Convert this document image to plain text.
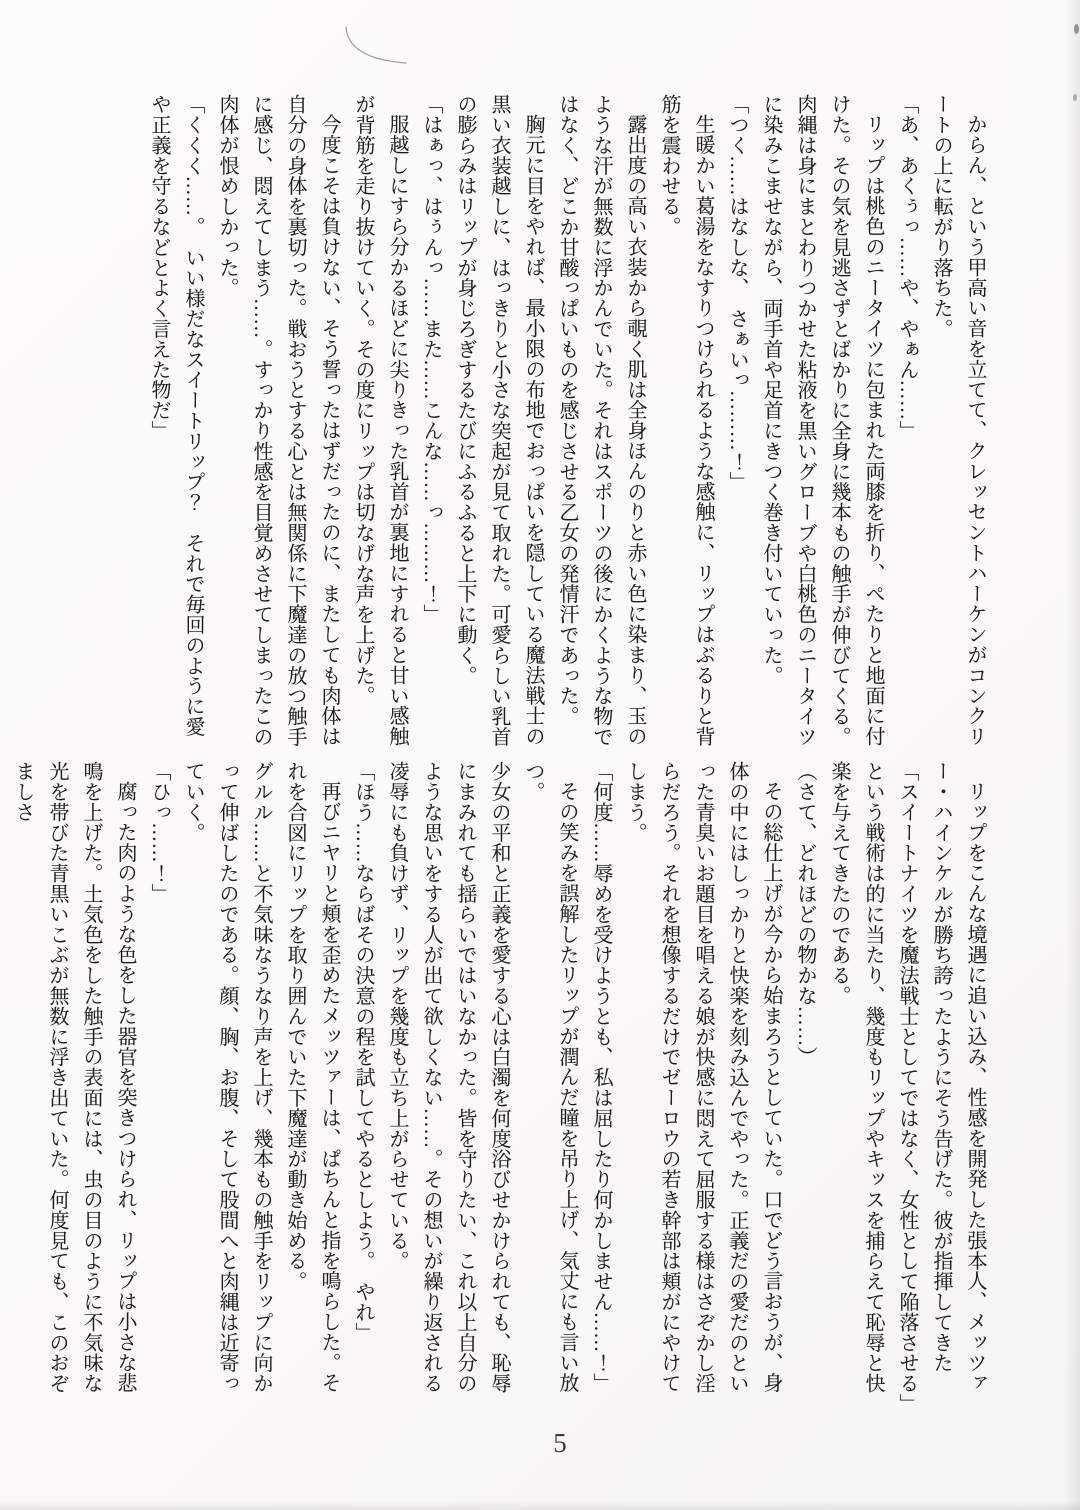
からん、という甲高い音を立てて、クレッセントハーケンがコンクリートの上に転がり落ちた。

「あ、あくぅっ……や、やぁん……」

リップは桃色のニータイツに包まれた両膝を折り、ぺたりと地面に付けた。その気を見逃さずとばかりに全身に幾本もの触手が伸びてくる。

肉縄は身にまとわりつかせた粘液を黒いグローブや白桃色のニータイツに染みこませながら、両手首や足首にきつく巻き付いていった。

「つく……はなしな、　さぁいっ………！」

生暖かい葛湯をなすりつけられるような感触に、リップはぶるりと背筋を震わせる。

露出度の高い衣装から覗く肌は全身ほんのりと赤い色に染まり、玉のような汗が無数に浮かんでいた。それはスポーツの後にかくような物ではなく、どこか甘酸っぱいものを感じさせる乙女の発情汗であった。

胸元に目をやれば、最小限の布地でおっぱいを隠している魔法戦士の黒い衣装越しに、はっきりと小さな突起が見て取れた。可愛らしい乳首の膨らみはリップが身じろぎするたびにふるふると上下に動く。

「はぁっ、はぅんっ……また……こんな……っ………！」

服越しにすら分かるほどに尖りきった乳首が裏地にすれると甘い感触が背筋を走り抜けていく。その度にリップは切なげな声を上げた。

今度こそは負けない、そう誓ったはずだったのに、またしても肉体は自分の身体を裏切った。戦おうとする心とは無関係に下魔達の放つ触手に感じ、悶えてしまう……。すっかり性感を目覚めさせてしまったこの肉体が恨めしかった。

「くくく……。　いい様だなスイートリップ？　それで毎回のように愛や正義を守るなどとよく言えた物だ」

リップをこんな境遇に追い込み、性感を開発した張本人、メッツァー・ハインケルが勝ち誇ったようにそう告げた。彼が指揮してきた「スイートナイツを魔法戦士としてではなく、女性として陥落させる」という戦術は的に当たり、幾度もリップやキッスを捕らえて恥辱と快楽を与えてきたのである。

（さて、どれほどの物かな……）

その総仕上げが今から始まろうとしていた。口でどう言おうが、身体の中にはしっかりと快楽を刻み込んでやった。正義だの愛だのといった青臭いお題目を唱える娘が快感に悶えて屈服する様はさぞかし淫らだろう。それを想像するだけでゼーロウの若き幹部は頬がにやけてしまう。

「何度……辱めを受けようとも、私は屈したり何かしません……！」

その笑みを誤解したリップが潤んだ瞳を吊り上げ、気丈にも言い放つ。

少女の平和と正義を愛する心は白濁を何度浴びせかけられても、恥辱にまみれても揺らいではいなかった。皆を守りたい、これ以上自分のような思いをする人が出て欲しくない……。その想いが繰り返される凌辱にも負けず、リップを幾度も立ち上がらせている。

「ほう……ならばその決意の程を試してやるとしよう。　やれ」

再びニヤリと頬を歪めたメッツァーは、ぱちんと指を鳴らした。それを合図にリップを取り囲んでいた下魔達が動き始める。

グルル……と不気味なうなり声を上げ、幾本もの触手をリップに向かって伸ばしたのである。顔、胸、お腹、そして股間へと肉縄は近寄っていく。

「ひっ……！」

腐った肉のような色をした器官を突きつけられ、リップは小さな悲鳴を上げた。土気色をした触手の表面には、虫の目のように不気味な光を帯びた青黒いこぶが無数に浮き出ていた。何度見ても、このおぞましさ

5
